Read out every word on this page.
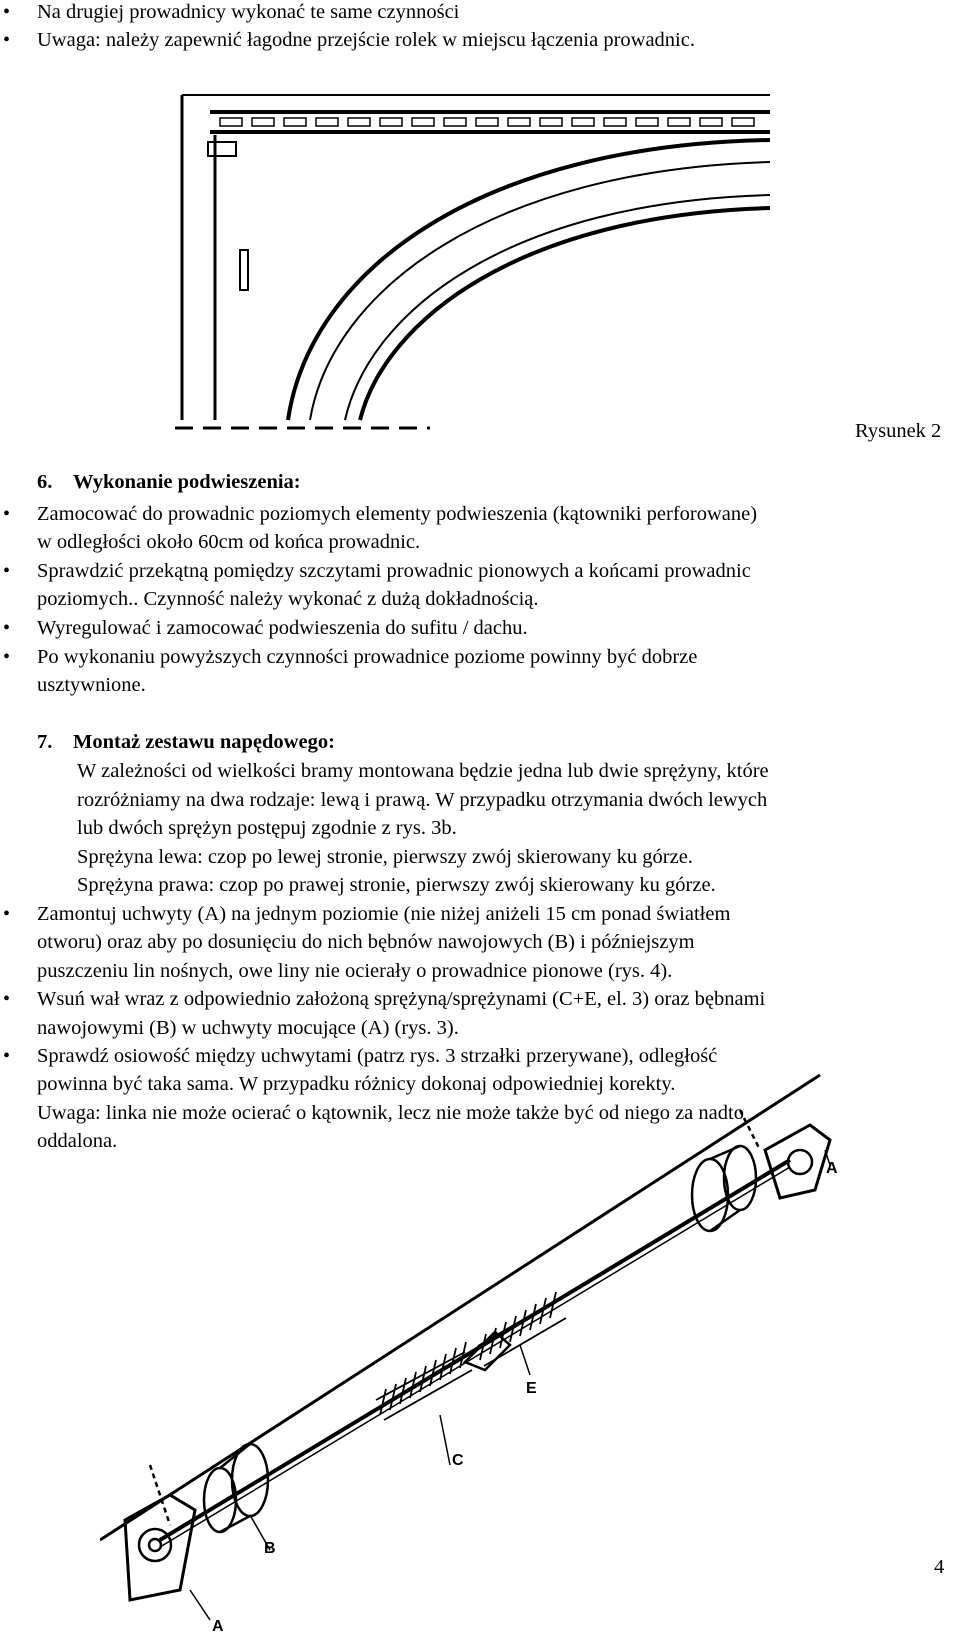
• Na drugiej prowadnicy wykonać te same czynności
• Uwaga: należy zapewnić łagodne przejście rolek w miejscu łączenia prowadnic.
Rysunek 2
6. Wykonanie podwieszenia:
• Zamocować do prowadnic poziomych elementy podwieszenia (kątowniki perforowane)
w odległości około 60cm od końca prowadnic.
• Sprawdzić przekątną pomiędzy szczytami prowadnic pionowych a końcami prowadnic
poziomych.. Czynność należy wykonać z dużą dokładnością.
• Wyregulować i zamocować podwieszenia do sufitu / dachu.
• Po wykonaniu powyższych czynności prowadnice poziome powinny być dobrze
usztywnione.
7. Montaż zestawu napędowego:
W zależności od wielkości bramy montowana będzie jedna lub dwie sprężyny, które
rozróżniamy na dwa rodzaje: lewą i prawą. W przypadku otrzymania dwóch lewych
lub dwóch sprężyn postępuj zgodnie z rys. 3b.
Sprężyna lewa: czop po lewej stronie, pierwszy zwój skierowany ku górze.
Sprężyna prawa: czop po prawej stronie, pierwszy zwój skierowany ku górze.
• Zamontuj uchwyty (A) na jednym poziomie (nie niżej aniżeli 15 cm ponad światłem
otworu) oraz aby po dosunięciu do nich bębnów nawojowych (B) i późniejszym
puszczeniu lin nośnych, owe liny nie ocierały o prowadnice pionowe (rys. 4).
• Wsuń wał wraz z odpowiednio założoną sprężyną/sprężynami (C+E, el. 3) oraz bębnami
nawojowymi (B) w uchwyty mocujące (A) (rys. 3).
• Sprawdź osiowość między uchwytami (patrz rys. 3 strzałki przerywane), odległość
powinna być taka sama. W przypadku różnicy dokonaj odpowiedniej korekty.
Uwaga: linka nie może ocierać o kątownik, lecz nie może także być od niego za nadto
oddalona.
A
E
C
B
A
4
